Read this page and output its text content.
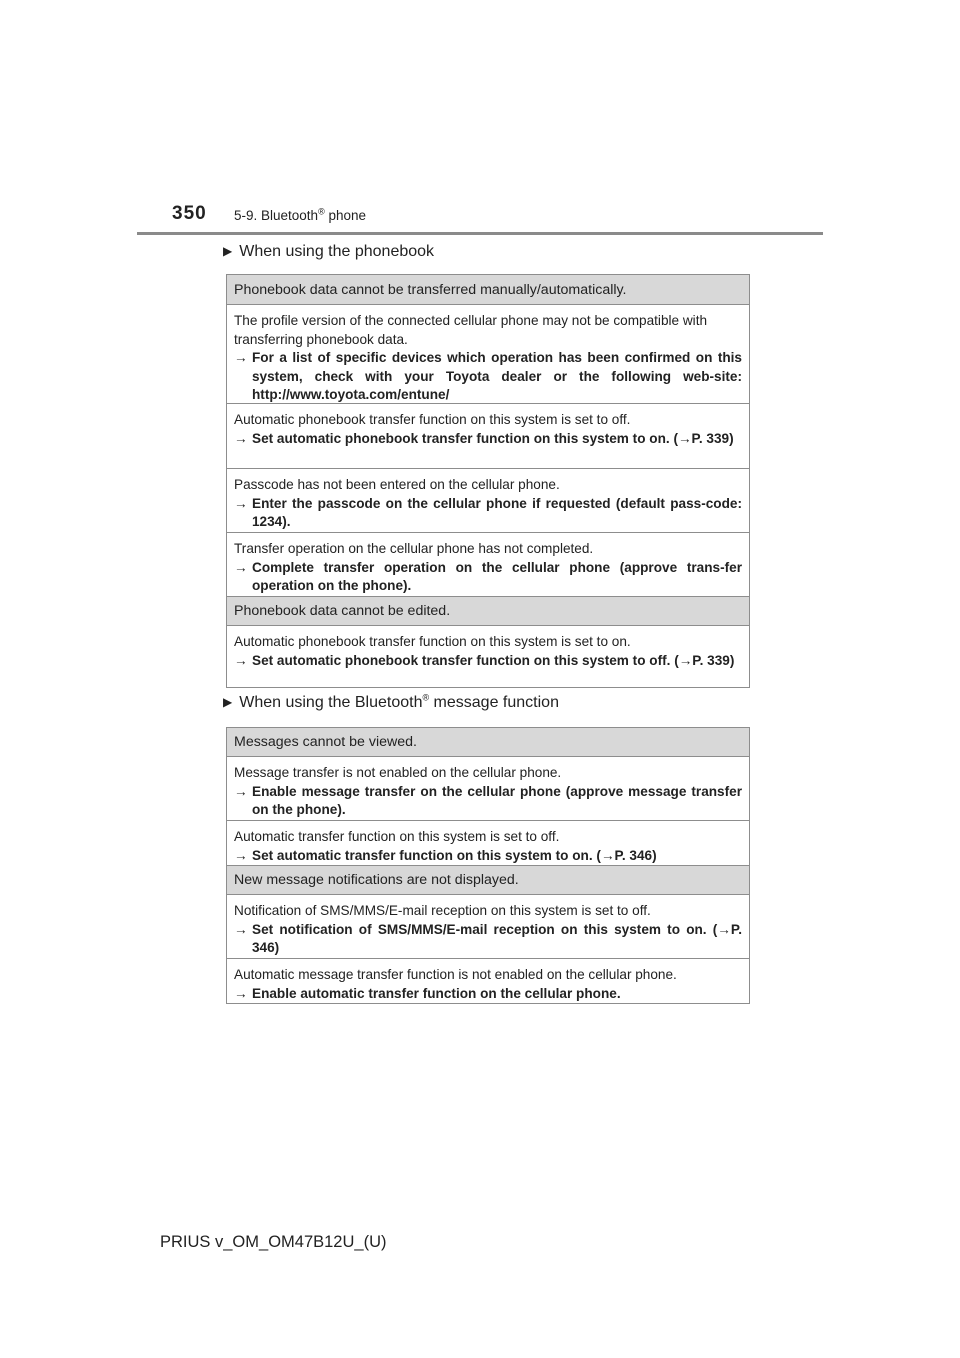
350 5-9. Bluetooth® phone
▶ When using the phonebook
Phonebook data cannot be transferred manually/automatically.
The profile version of the connected cellular phone may not be compatible with transferring phonebook data.
→ For a list of specific devices which operation has been confirmed on this system, check with your Toyota dealer or the following web-site: http://www.toyota.com/entune/
Automatic phonebook transfer function on this system is set to off.
→ Set automatic phonebook transfer function on this system to on. (→P. 339)
Passcode has not been entered on the cellular phone.
→ Enter the passcode on the cellular phone if requested (default pass-code: 1234).
Transfer operation on the cellular phone has not completed.
→ Complete transfer operation on the cellular phone (approve trans-fer operation on the phone).
Phonebook data cannot be edited.
Automatic phonebook transfer function on this system is set to on.
→ Set automatic phonebook transfer function on this system to off. (→P. 339)
▶ When using the Bluetooth® message function
Messages cannot be viewed.
Message transfer is not enabled on the cellular phone.
→ Enable message transfer on the cellular phone (approve message transfer on the phone).
Automatic transfer function on this system is set to off.
→ Set automatic transfer function on this system to on. (→P. 346)
New message notifications are not displayed.
Notification of SMS/MMS/E-mail reception on this system is set to off.
→ Set notification of SMS/MMS/E-mail reception on this system to on. (→P. 346)
Automatic message transfer function is not enabled on the cellular phone.
→ Enable automatic transfer function on the cellular phone.
PRIUS v_OM_OM47B12U_(U)
